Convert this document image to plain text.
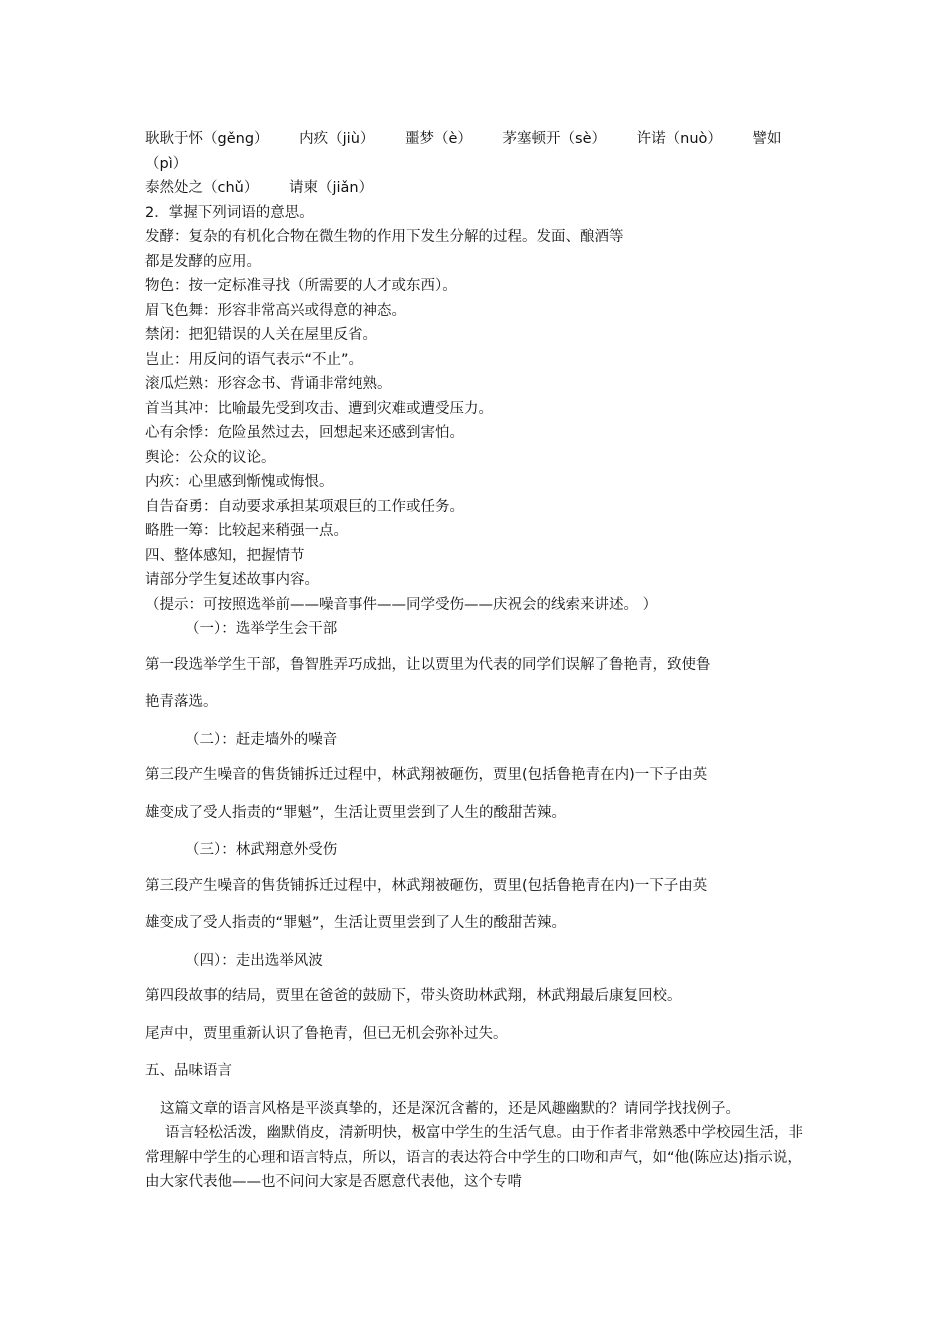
耿耿于怀（gěng） 内疚（jiù） 噩梦（è） 茅塞顿开（sè） 许诺（nuò） 譬如
（pì）
泰然处之（chǔ） 请柬（jiǎn）
2．掌握下列词语的意思。
发酵：复杂的有机化合物在微生物的作用下发生分解的过程。发面、酿酒等
都是发酵的应用。
物色：按一定标准寻找（所需要的人才或东西）。
眉飞色舞：形容非常高兴或得意的神态。
禁闭：把犯错误的人关在屋里反省。
岂止：用反问的语气表示“不止”。
滚瓜烂熟：形容念书、背诵非常纯熟。
首当其冲：比喻最先受到攻击、遭到灾难或遭受压力。
心有余悸：危险虽然过去，回想起来还感到害怕。
舆论：公众的议论。
内疚：心里感到惭愧或悔恨。
自告奋勇：自动要求承担某项艰巨的工作或任务。
略胜一筹：比较起来稍强一点。
四、整体感知，把握情节
请部分学生复述故事内容。
（提示：可按照选举前——噪音事件——同学受伤——庆祝会的线索来讲述。 ）
（一）：选举学生会干部
第一段选举学生干部，鲁智胜弄巧成拙，让以贾里为代表的同学们误解了鲁艳青，致使鲁
艳青落选。
（二）：赶走墙外的噪音
第三段产生噪音的售货铺拆迁过程中，林武翔被砸伤，贾里(包括鲁艳青在内)一下子由英
雄变成了受人指责的“罪魁”，生活让贾里尝到了人生的酸甜苦辣。
（三）：林武翔意外受伤
第三段产生噪音的售货铺拆迁过程中，林武翔被砸伤，贾里(包括鲁艳青在内)一下子由英
雄变成了受人指责的“罪魁”，生活让贾里尝到了人生的酸甜苦辣。
（四）：走出选举风波
第四段故事的结局，贾里在爸爸的鼓励下，带头资助林武翔，林武翔最后康复回校。
尾声中，贾里重新认识了鲁艳青，但已无机会弥补过失。
五、品味语言
这篇文章的语言风格是平淡真挚的，还是深沉含蓄的，还是风趣幽默的？请同学找找例子。
语言轻松活泼，幽默俏皮，清新明快，极富中学生的生活气息。由于作者非常熟悉中学校园生活，非常理解中学生的心理和语言特点，所以，语言的表达符合中学生的口吻和声气，如“他(陈应达)指示说，由大家代表他——也不问问大家是否愿意代表他，这个专啃
